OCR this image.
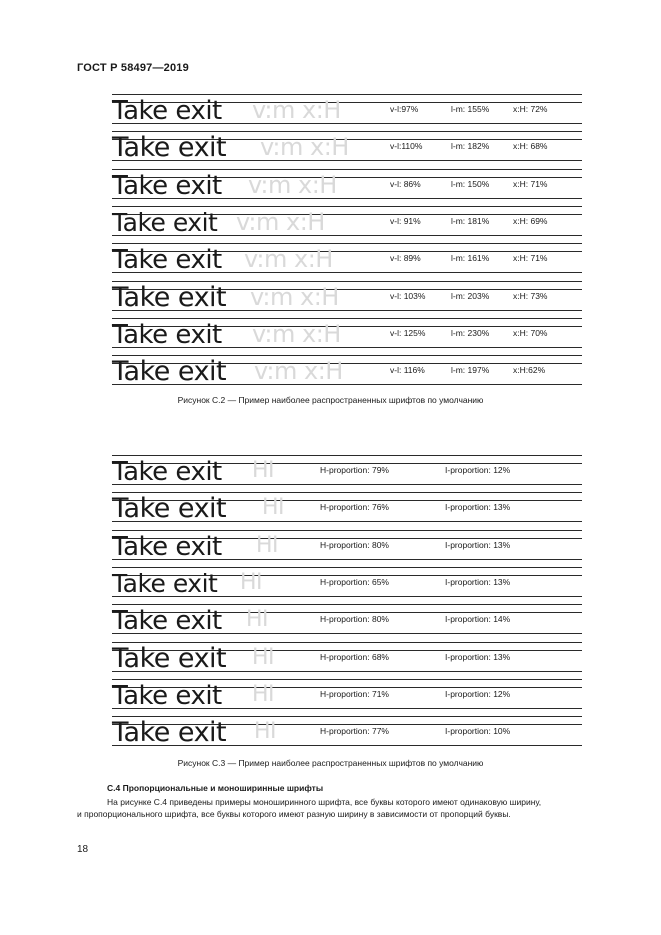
ГОСТ Р 58497—2019
Take exit v:m x:H	v-l:97%	l-m: 155%	x:H: 72%
Take exit v:m x:H	v-l:110%	l-m: 182%	x:H: 68%
Take exit v:m x:H	v-l: 86%	l-m: 150%	x:H: 71%
Take exit v:m x:H	v-l: 91%	l-m: 181%	x:H: 69%
Take exit v:m x:H	v-l: 89%	l-m: 161%	x:H: 71%
Take exit v:m x:H	v-l: 103%	l-m: 203%	x:H: 73%
Take exit v:m x:H	v-l: 125%	l-m: 230%	x:H: 70%
Take exit v:m x:H	v-l: 116%	l-m: 197%	x:H:62%
Рисунок С.2 — Пример наиболее распространенных шрифтов по умолчанию
Take exit HI	H-proportion: 79%	I-proportion: 12%
Take exit HI	H-proportion: 76%	I-proportion: 13%
Take exit HI	H-proportion: 80%	I-proportion: 13%
Take exit HI	H-proportion: 65%	I-proportion: 13%
Take exit HI	H-proportion: 80%	I-proportion: 14%
Take exit HI	H-proportion: 68%	I-proportion: 13%
Take exit HI	H-proportion: 71%	I-proportion: 12%
Take exit HI	H-proportion: 77%	I-proportion: 10%
Рисунок С.3 — Пример наиболее распространенных шрифтов по умолчанию
С.4 Пропорциональные и моноширинные шрифты
На рисунке С.4 приведены примеры моноширинного шрифта, все буквы которого имеют одинаковую ширину,
и пропорционального шрифта, все буквы которого имеют разную ширину в зависимости от пропорций буквы.
18
